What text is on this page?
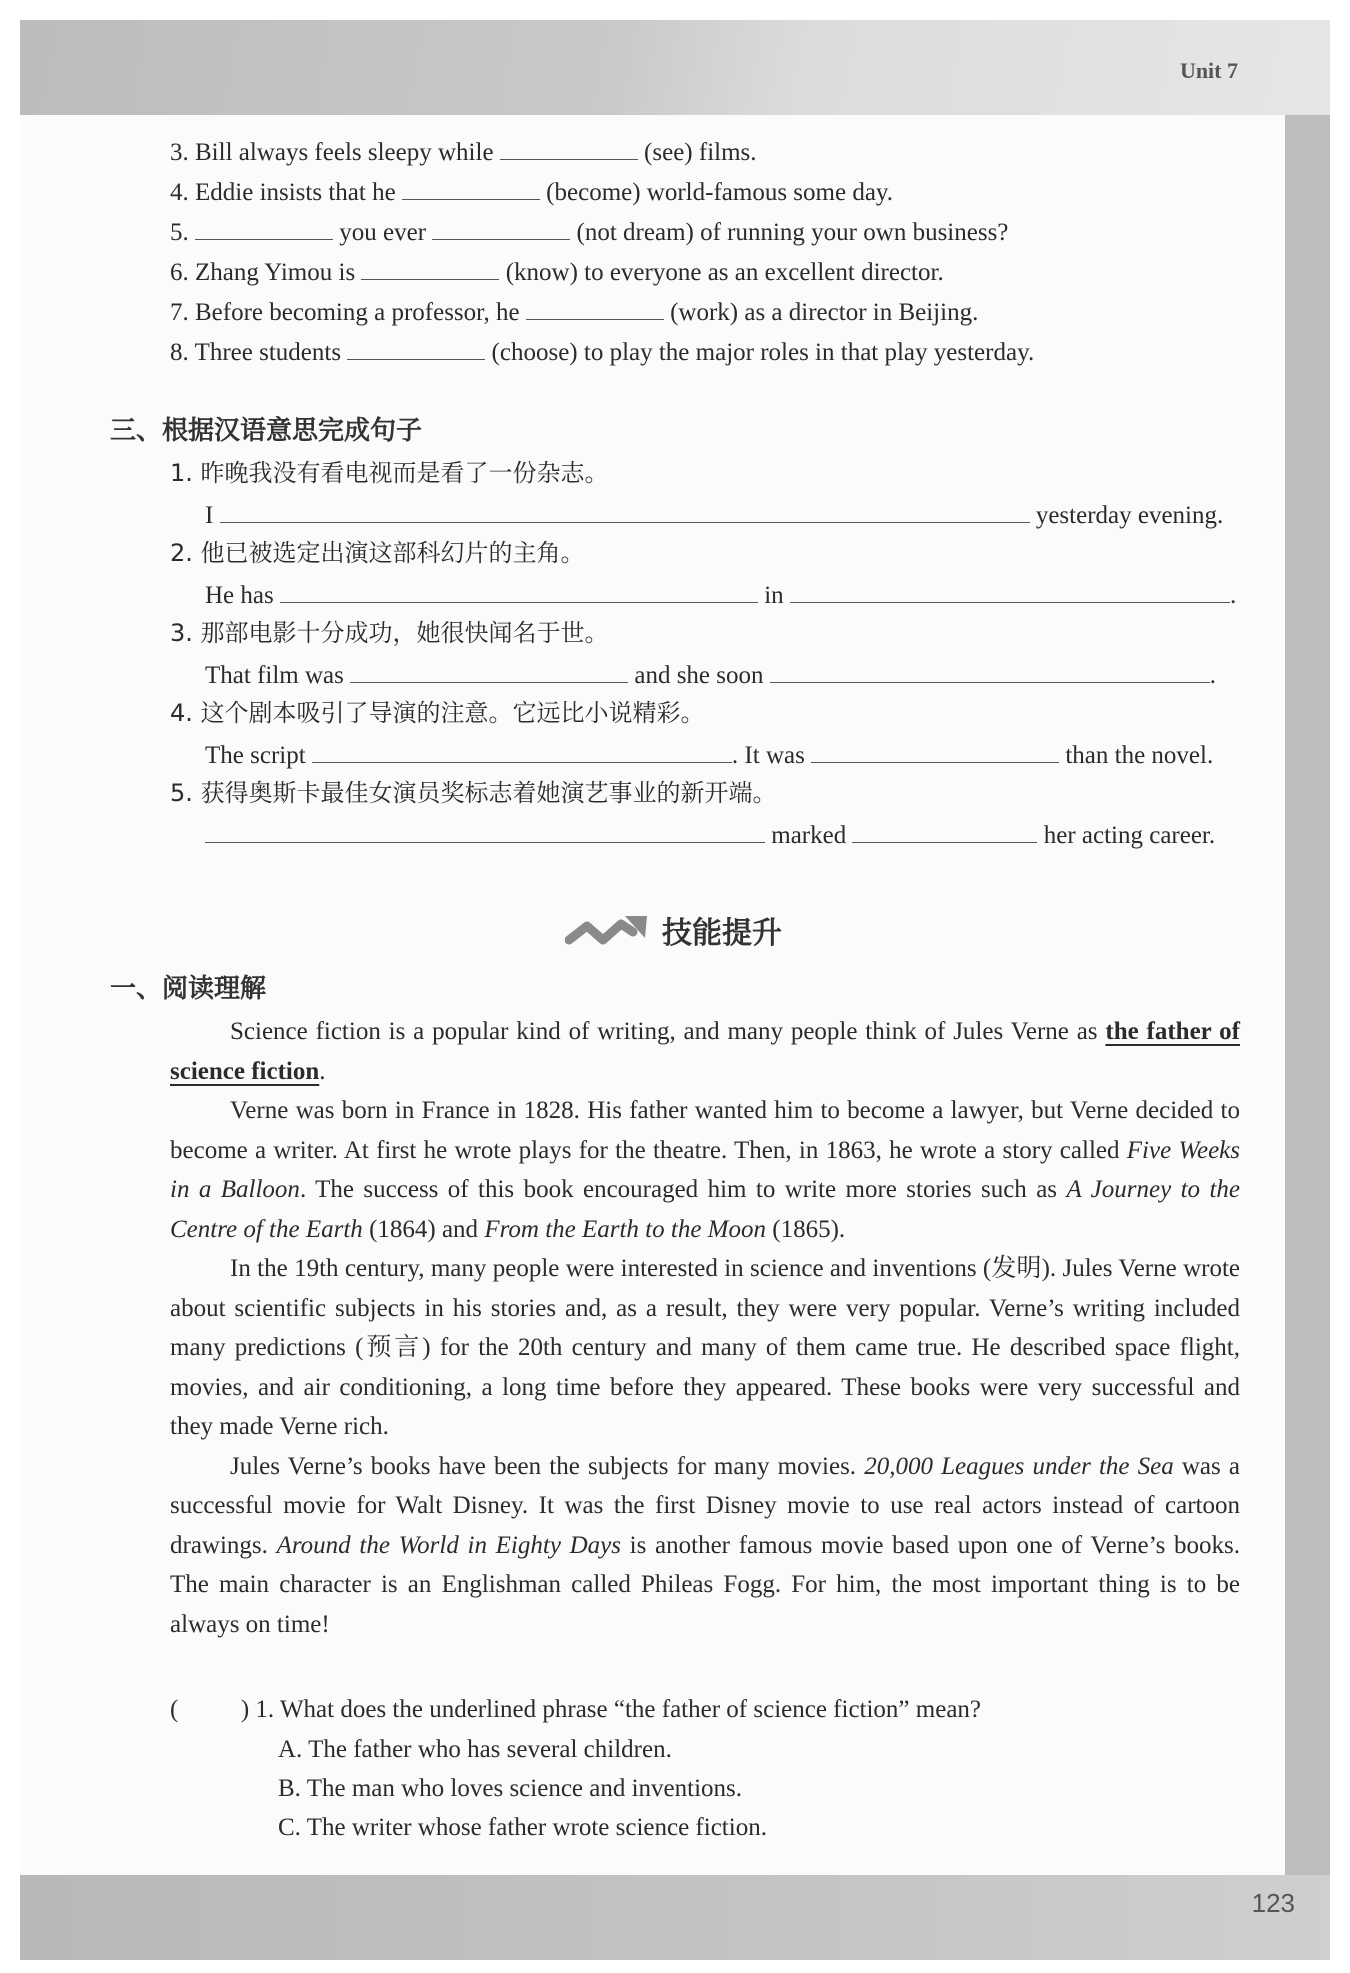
Unit 7
123
3. Bill always feels sleepy while	(see) films.
4. Eddie insists that he	(become) world-famous some day.
5.	you ever	(not dream) of running your own business?
6. Zhang Yimou is	(know) to everyone as an excellent director.
7. Before becoming a professor, he	(work) as a director in Beijing.
8. Three students	(choose) to play the major roles in that play yesterday.
三、根据汉语意思完成句子
1. 昨晚我没有看电视而是看了一份杂志。
I	yesterday evening.
2. 他已被选定出演这部科幻片的主角。
He has	in	.
3. 那部电影十分成功，她很快闻名于世。
That film was	and she soon	.
4. 这个剧本吸引了导演的注意。它远比小说精彩。
The script	. It was	than the novel.
5. 获得奥斯卡最佳女演员奖标志着她演艺事业的新开端。
marked	her acting career.
技能提升
一、阅读理解

Science fiction is a popular kind of writing, and many people think of Jules Verne as the father of science fiction.

Verne was born in France in 1828. His father wanted him to become a lawyer, but Verne decided to become a writer. At first he wrote plays for the theatre. Then, in 1863, he wrote a story called Five Weeks in a Balloon. The success of this book encouraged him to write more stories such as A Journey to the Centre of the Earth (1864) and From the Earth to the Moon (1865).

In the 19th century, many people were interested in science and inventions (发明). Jules Verne wrote about scientific subjects in his stories and, as a result, they were very popular. Verne’s writing included many predictions (预言) for the 20th century and many of them came true. He described space flight, movies, and air conditioning, a long time before they appeared. These books were very successful and they made Verne rich.

Jules Verne’s books have been the subjects for many movies. 20,000 Leagues under the Sea was a successful movie for Walt Disney. It was the first Disney movie to use real actors instead of cartoon drawings. Around the World in Eighty Days is another famous movie based upon one of Verne’s books. The main character is an Englishman called Phileas Fogg. For him, the most important thing is to be always on time!

(          ) 1. What does the underlined phrase “the father of science fiction” mean?
A. The father who has several children.
B. The man who loves science and inventions.
C. The writer whose father wrote science fiction.
